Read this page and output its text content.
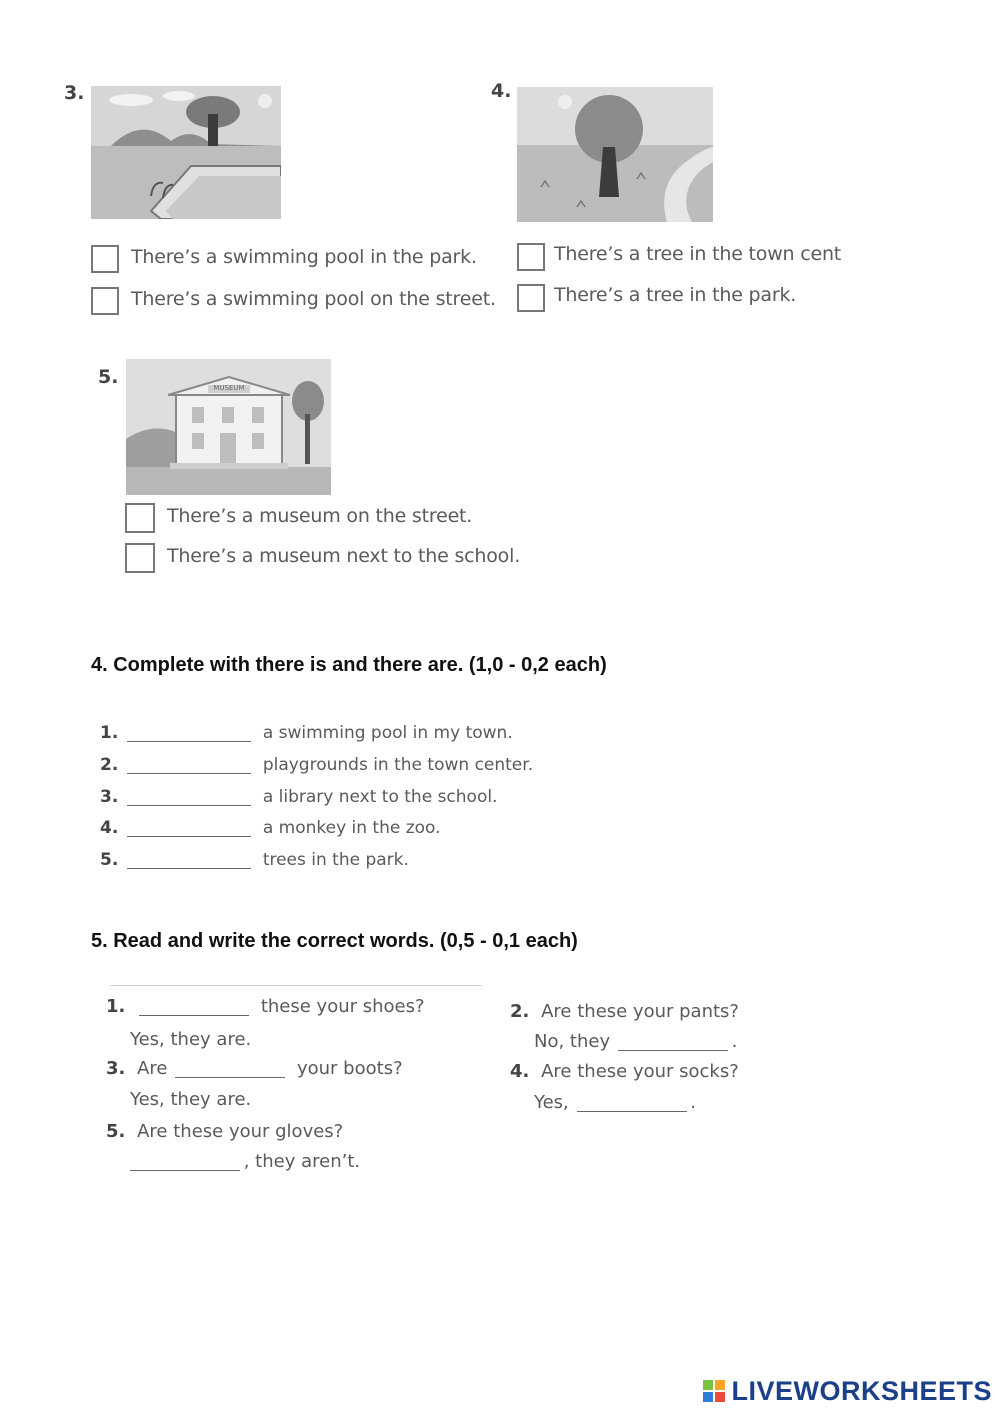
3.
There’s a swimming pool in the park.
There’s a swimming pool on the street.
4.
There’s a tree in the town cent
There’s a tree in the park.
5.	MUSEUM
There’s a museum on the street.
There’s a museum next to the school.
4. Complete with there is and there are. (1,0 - 0,2 each)
1.	a swimming pool in my town.
2.	playgrounds in the town center.
3.	a library next to the school.
4.	a monkey in the zoo.
5.	trees in the park.
5. Read and write the correct words. (0,5 - 0,1 each)
1.	these your shoes?
Yes, they are.
3. Are	your boots?
Yes, they are.
5. Are these your gloves?
, they aren’t.
2. Are these your pants?
No, they	.
4. Are these your socks?
Yes,	.
LIVEWORKSHEETS
